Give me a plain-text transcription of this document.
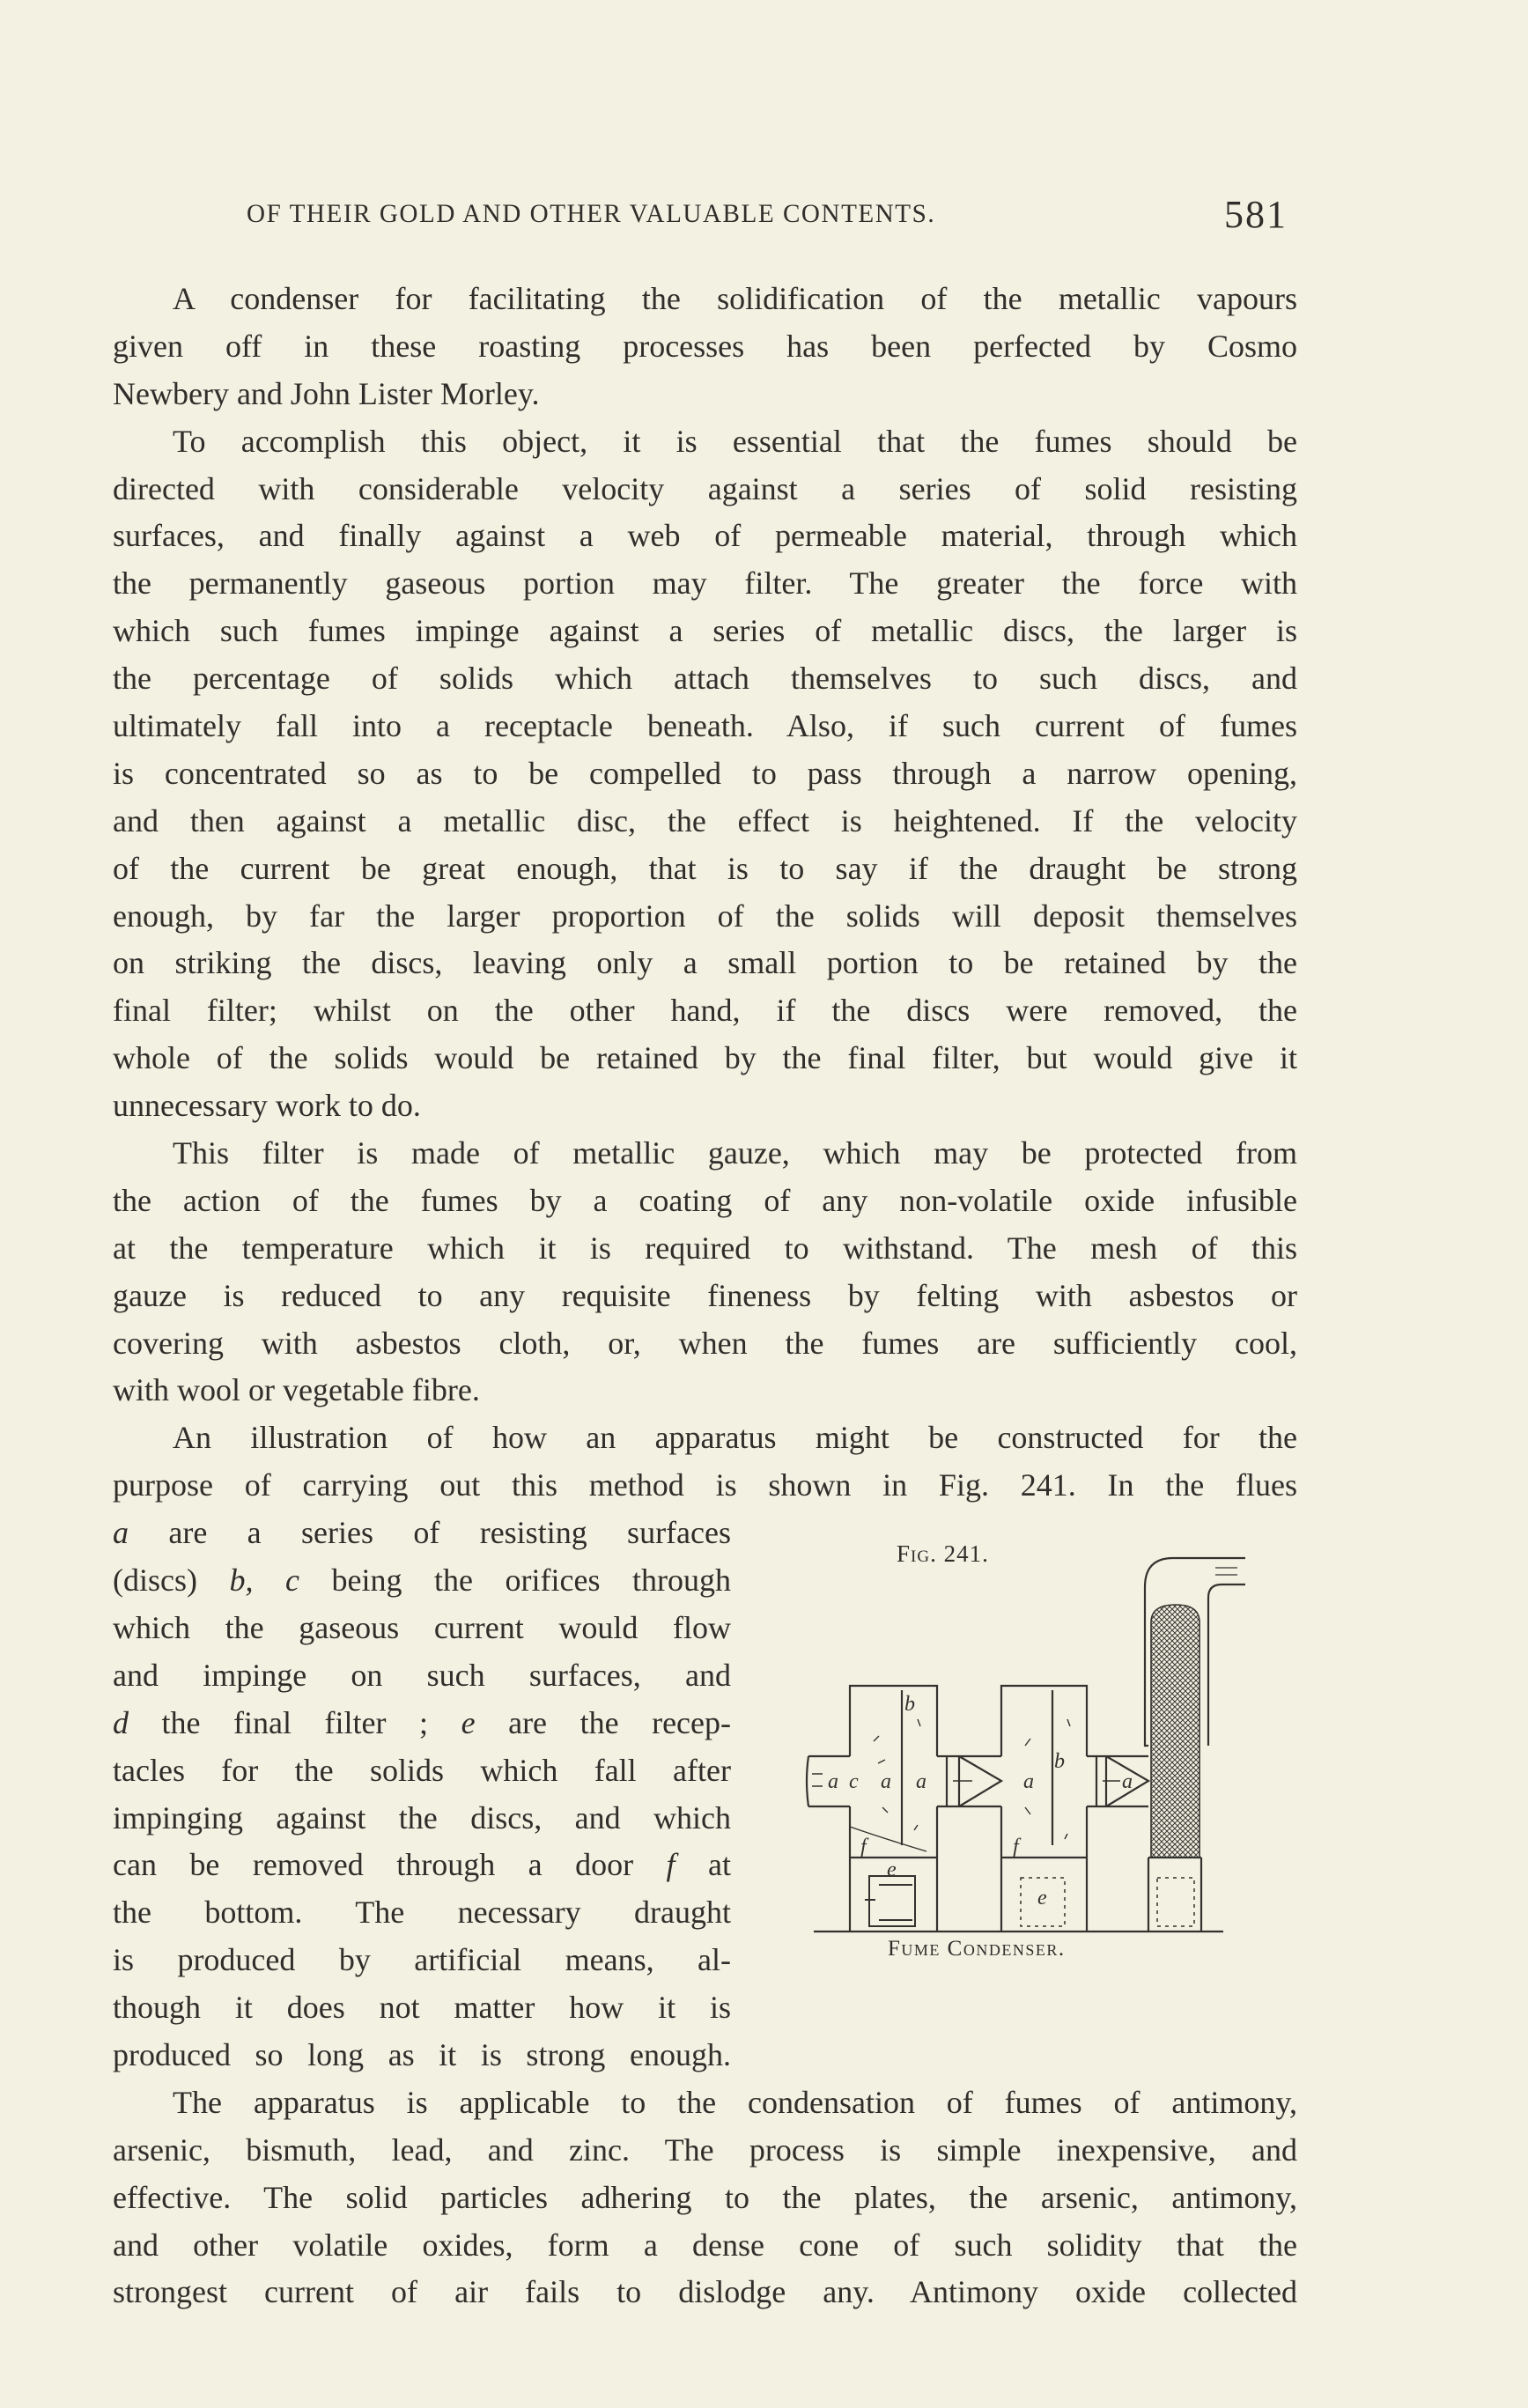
OF THEIR GOLD AND OTHER VALUABLE CONTENTS.	581
A condenser for facilitating the solidification of the metallic vapours
given off in these roasting processes has been perfected by Cosmo
Newbery and John Lister Morley.
To accomplish this object, it is essential that the fumes should be
directed with considerable velocity against a series of solid resisting
surfaces, and finally against a web of permeable material, through which
the permanently gaseous portion may filter. The greater the force with
which such fumes impinge against a series of metallic discs, the larger is
the percentage of solids which attach themselves to such discs, and
ultimately fall into a receptacle beneath. Also, if such current of fumes
is concentrated so as to be compelled to pass through a narrow opening,
and then against a metallic disc, the effect is heightened. If the velocity
of the current be great enough, that is to say if the draught be strong
enough, by far the larger proportion of the solids will deposit themselves
on striking the discs, leaving only a small portion to be retained by the
final filter; whilst on the other hand, if the discs were removed, the
whole of the solids would be retained by the final filter, but would give it
unnecessary work to do.
This filter is made of metallic gauze, which may be protected from
the action of the fumes by a coating of any non-volatile oxide infusible
at the temperature which it is required to withstand. The mesh of this
gauze is reduced to any requisite fineness by felting with asbestos or
covering with asbestos cloth, or, when the fumes are sufficiently cool,
with wool or vegetable fibre.
An illustration of how an apparatus might be constructed for the
purpose of carrying out this method is shown in Fig. 241. In the flues
a are a series of resisting surfaces
(discs) b, c being the orifices through
which the gaseous current would flow
and impinge on such surfaces, and
d the final filter ; e are the recep-
tacles for the solids which fall after
impinging against the discs, and which
can be removed through a door f at
the bottom. The necessary draught
is produced by artificial means, al-
though it does not matter how it is
produced so long as it is strong enough.
Fig. 241.
a c a a
b
f
e
a
b
f
e
a
Fume Condenser.
The apparatus is applicable to the condensation of fumes of antimony,
arsenic, bismuth, lead, and zinc. The process is simple inexpensive, and
effective. The solid particles adhering to the plates, the arsenic, antimony,
and other volatile oxides, form a dense cone of such solidity that the
strongest current of air fails to dislodge any. Antimony oxide collected
